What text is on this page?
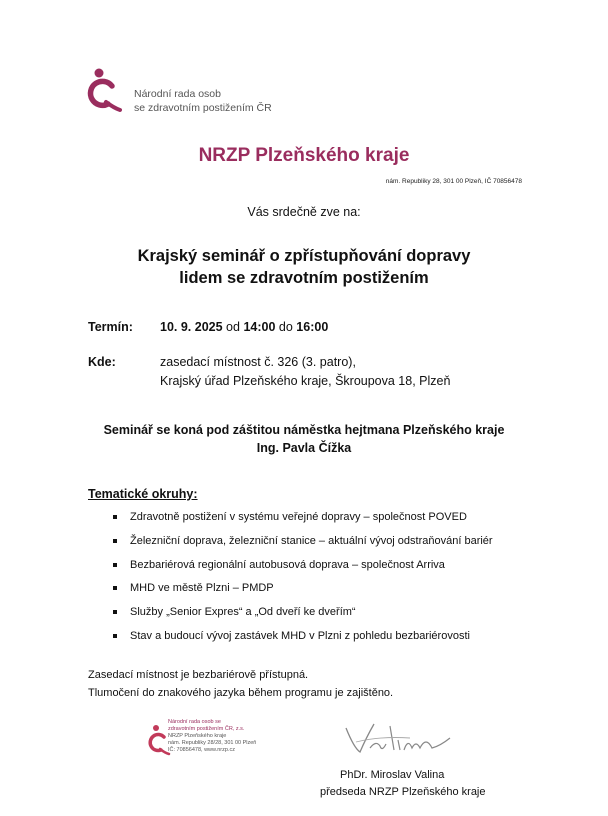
Národní rada osob
se zdravotním postižením ČR
NRZP Plzeňského kraje
nám. Republiky 28, 301 00 Plzeň, IČ 70856478
Vás srdečně zve na:
Krajský seminář o zpřístupňování dopravy
lidem se zdravotním postižením
Termín: 10. 9. 2025 od 14:00 do 16:00
Kde:	zasedací místnost č. 326 (3. patro),
Krajský úřad Plzeňského kraje, Škroupova 18, Plzeň
Seminář se koná pod záštitou náměstka hejtmana Plzeňského kraje
Ing. Pavla Čížka
Tematické okruhy:
Zdravotně postižení v systému veřejné dopravy – společnost POVED
Železniční doprava, železniční stanice – aktuální vývoj odstraňování bariér
Bezbariérová regionální autobusová doprava – společnost Arriva
MHD ve městě Plzni – PMDP
Služby „Senior Expres“ a „Od dveří ke dveřím“
Stav a budoucí vývoj zastávek MHD v Plzni z pohledu bezbariérovosti
Zasedací místnost je bezbariérově přístupná.
Tlumočení do znakového jazyka během programu je zajištěno.
Národní rada osob se
zdravotním postižením ČR, z.s.
NRZP Plzeňského kraje
nám. Republiky 28/28, 301 00 Plzeň
IČ: 70856478, www.nrzp.cz
PhDr. Miroslav Valina
předseda NRZP Plzeňského kraje
